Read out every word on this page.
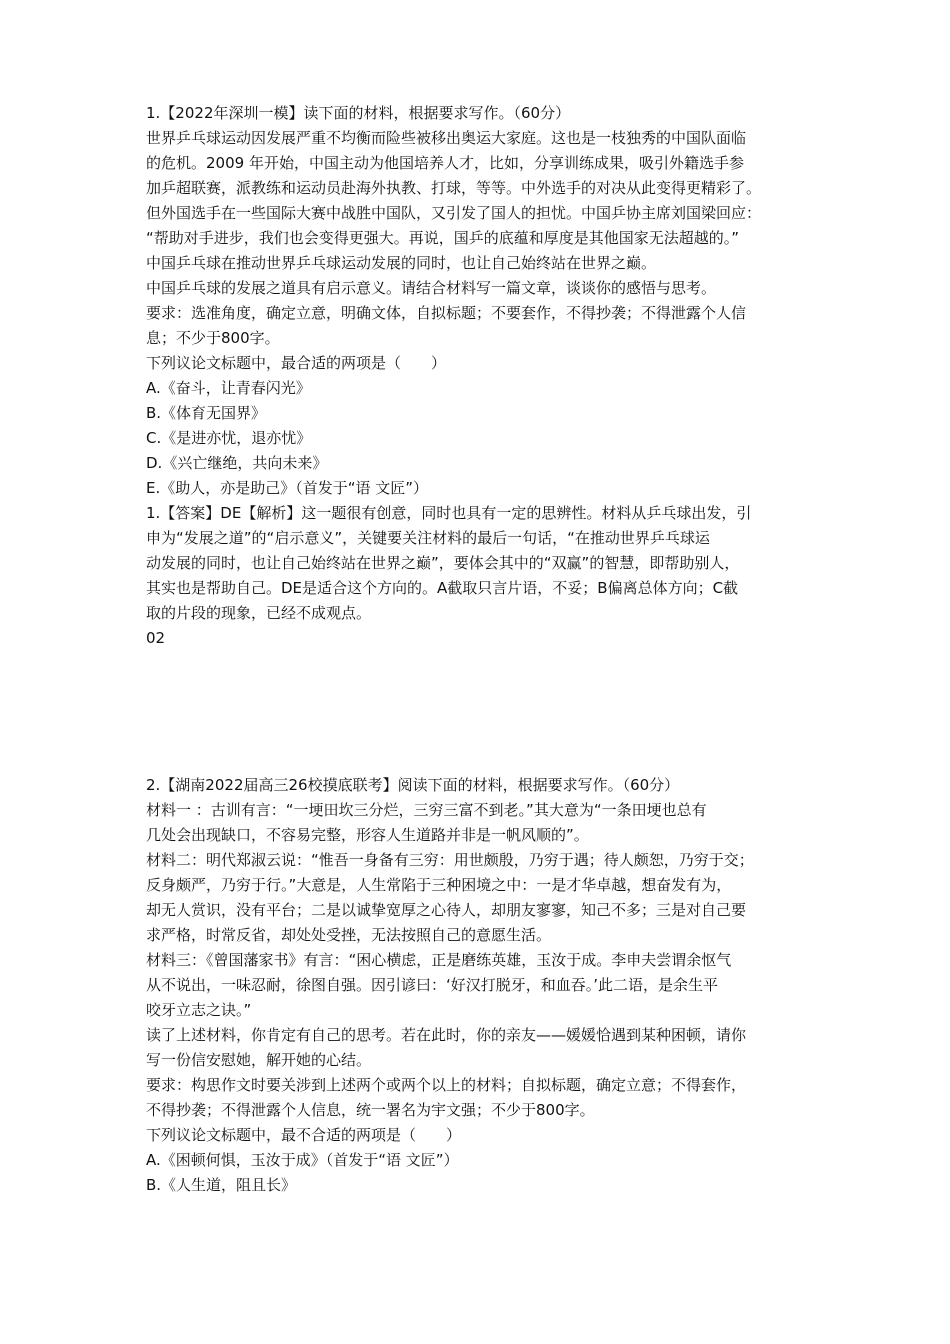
1.【2022年深圳一模】读下面的材料，根据要求写作。（60分）
世界乒乓球运动因发展严重不均衡而险些被移出奥运大家庭。这也是一枝独秀的中国队面临
的危机。2009 年开始，中国主动为他国培养人才，比如，分享训练成果，吸引外籍选手参
加乒超联赛，派教练和运动员赴海外执教、打球，等等。中外选手的对决从此变得更精彩了。
但外国选手在一些国际大赛中战胜中国队，又引发了国人的担忧。中国乒协主席刘国梁回应：
“帮助对手进步，我们也会变得更强大。再说，国乒的底蕴和厚度是其他国家无法超越的。”
中国乒乓球在推动世界乒乓球运动发展的同时，也让自己始终站在世界之巅。
中国乒乓球的发展之道具有启示意义。请结合材料写一篇文章，谈谈你的感悟与思考。
要求：选准角度，确定立意，明确文体，自拟标题；不要套作，不得抄袭；不得泄露个人信
息；不少于800字。
下列议论文标题中，最合适的两项是（　　）
A.《奋斗，让青春闪光》
B.《体育无国界》
C.《是进亦忧，退亦忧》
D.《兴亡继绝，共向未来》
E.《助人，亦是助己》（首发于“语 文匠”）
1.【答案】DE【解析】这一题很有创意，同时也具有一定的思辨性。材料从乒乓球出发，引
申为“发展之道”的“启示意义”，关键要关注材料的最后一句话，“在推动世界乒乓球运
动发展的同时，也让自己始终站在世界之巅”，要体会其中的“双赢”的智慧，即帮助别人，
其实也是帮助自己。DE是适合这个方向的。A截取只言片语，不妥；B偏离总体方向；C截
取的片段的现象，已经不成观点。
02
2.【湖南2022届高三26校摸底联考】阅读下面的材料，根据要求写作。（60分）
材料一 ：古训有言：“一埂田坎三分烂，三穷三富不到老。”其大意为“一条田埂也总有
几处会出现缺口，不容易完整，形容人生道路并非是一帆风顺的”。
材料二：明代郑淑云说：“惟吾一身备有三穷：用世颇殷，乃穷于遇；待人颇恕，乃穷于交；
反身颇严，乃穷于行。”大意是，人生常陷于三种困境之中：一是才华卓越，想奋发有为，
却无人赏识，没有平台；二是以诚挚宽厚之心待人，却朋友寥寥，知己不多；三是对自己要
求严格，时常反省，却处处受挫，无法按照自己的意愿生活。
材料三：《曾国藩家书》有言：“困心横虑，正是磨练英雄，玉汝于成。李申夫尝谓余怄气
从不说出，一味忍耐，徐图自强。因引谚曰：‘好汉打脱牙，和血吞。’此二语，是余生平
咬牙立志之诀。”
读了上述材料，你肯定有自己的思考。若在此时，你的亲友——媛媛恰遇到某种困顿，请你
写一份信安慰她，解开她的心结。
要求：构思作文时要关涉到上述两个或两个以上的材料；自拟标题，确定立意；不得套作，
不得抄袭；不得泄露个人信息，统一署名为宇文强；不少于800字。
下列议论文标题中，最不合适的两项是（　　）
A.《困顿何惧，玉汝于成》（首发于“语 文匠”）
B.《人生道，阻且长》
